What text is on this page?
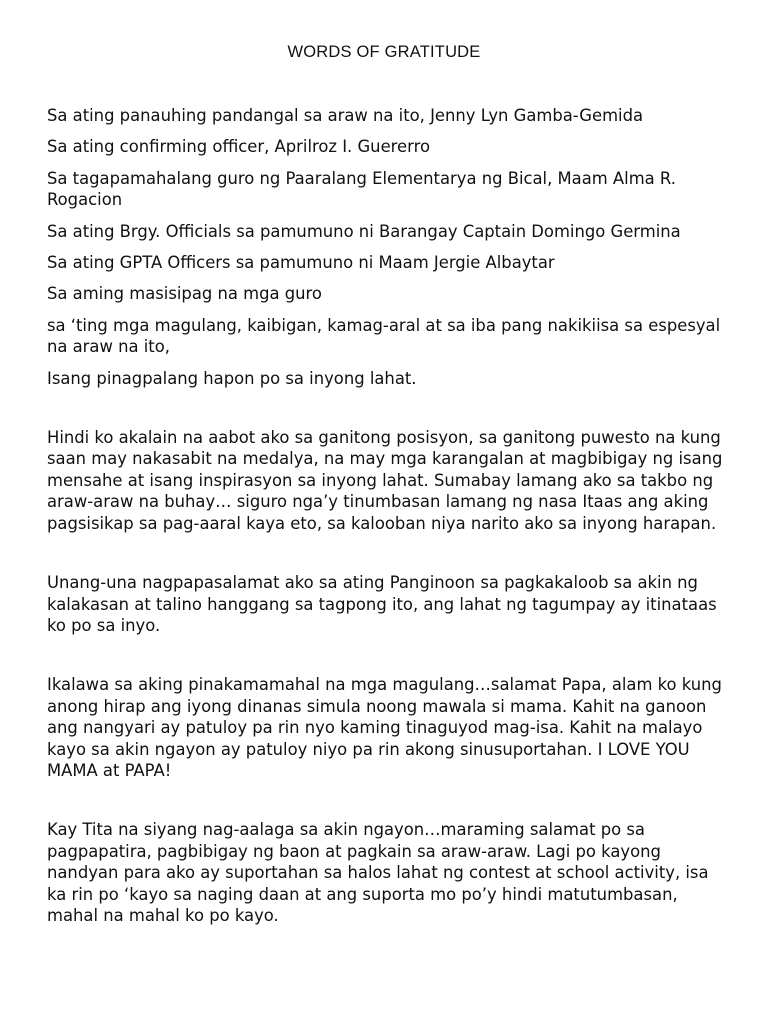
WORDS OF GRATITUDE

Sa ating panauhing pandangal sa araw na ito, Jenny Lyn Gamba-Gemida

Sa ating confirming officer, Aprilroz I. Guererro

Sa tagapamahalang guro ng Paaralang Elementarya ng Bical, Maam Alma R. Rogacion

Sa ating Brgy. Officials sa pamumuno ni Barangay Captain Domingo Germina

Sa ating GPTA Officers sa pamumuno ni Maam Jergie Albaytar

Sa aming masisipag na mga guro

sa ‘ting mga magulang, kaibigan, kamag-aral at sa iba pang nakikiisa sa espesyal na araw na ito,

Isang pinagpalang hapon po sa inyong lahat.

Hindi ko akalain na aabot ako sa ganitong posisyon, sa ganitong puwesto na kung saan may nakasabit na medalya, na may mga karangalan at magbibigay ng isang mensahe at isang inspirasyon sa inyong lahat. Sumabay lamang ako sa takbo ng araw-araw na buhay… siguro nga’y tinumbasan lamang ng nasa Itaas ang aking pagsisikap sa pag-aaral kaya eto, sa kalooban niya narito ako sa inyong harapan.

Unang-una nagpapasalamat ako sa ating Panginoon sa pagkakaloob sa akin ng kalakasan at talino hanggang sa tagpong ito, ang lahat ng tagumpay ay itinataas ko po sa inyo.

Ikalawa sa aking pinakamamahal na mga magulang…salamat Papa, alam ko kung anong hirap ang iyong dinanas simula noong mawala si mama. Kahit na ganoon ang nangyari ay patuloy pa rin nyo kaming tinaguyod mag-isa. Kahit na malayo kayo sa akin ngayon ay patuloy niyo pa rin akong sinusuportahan. I LOVE YOU MAMA at PAPA!

Kay Tita na siyang nag-aalaga sa akin ngayon…maraming salamat po sa pagpapatira, pagbibigay ng baon at pagkain sa araw-araw. Lagi po kayong nandyan para ako ay suportahan sa halos lahat ng contest at school activity, isa ka rin po ‘kayo sa naging daan at ang suporta mo po’y hindi matutumbasan, mahal na mahal ko po kayo.
